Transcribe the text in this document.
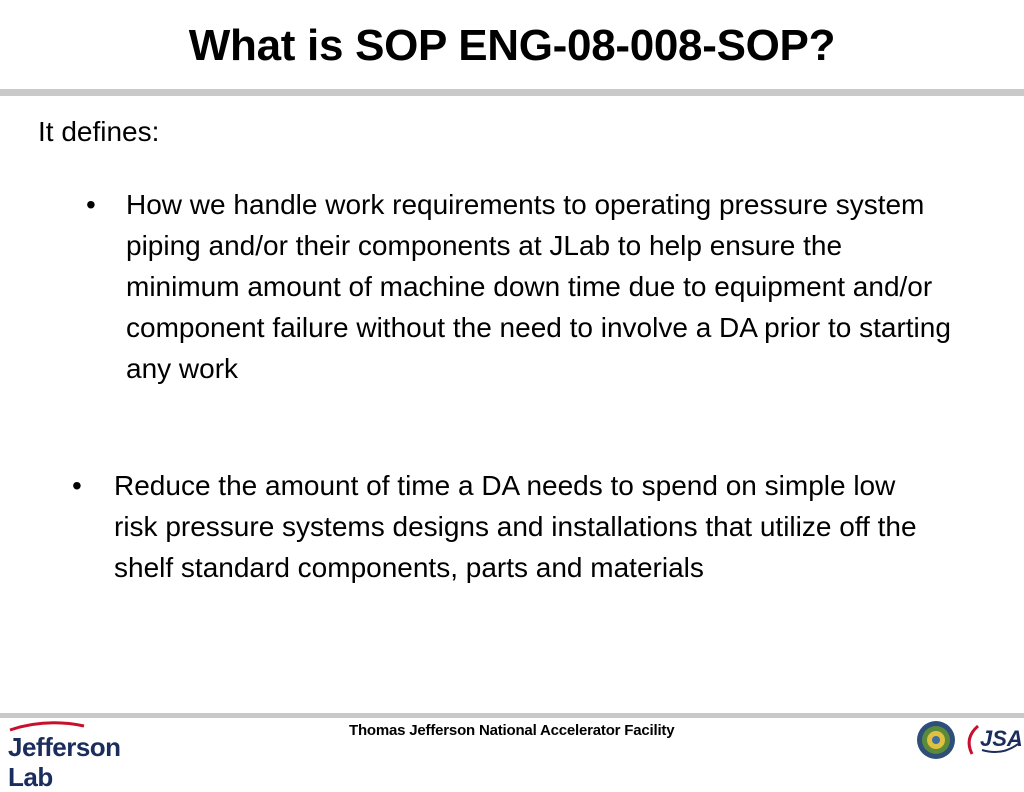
What is SOP ENG-08-008-SOP?
It defines:
• How we handle work requirements to operating pressure system piping and/or their components at JLab to help ensure the minimum amount of machine down time due to equipment and/or component failure without the need to involve a DA prior to starting any work
• Reduce the amount of time a DA needs to spend on simple low risk pressure systems designs and installations that utilize off the shelf standard components, parts and materials
Jefferson Lab
Thomas Jefferson National Accelerator Facility	JSA
